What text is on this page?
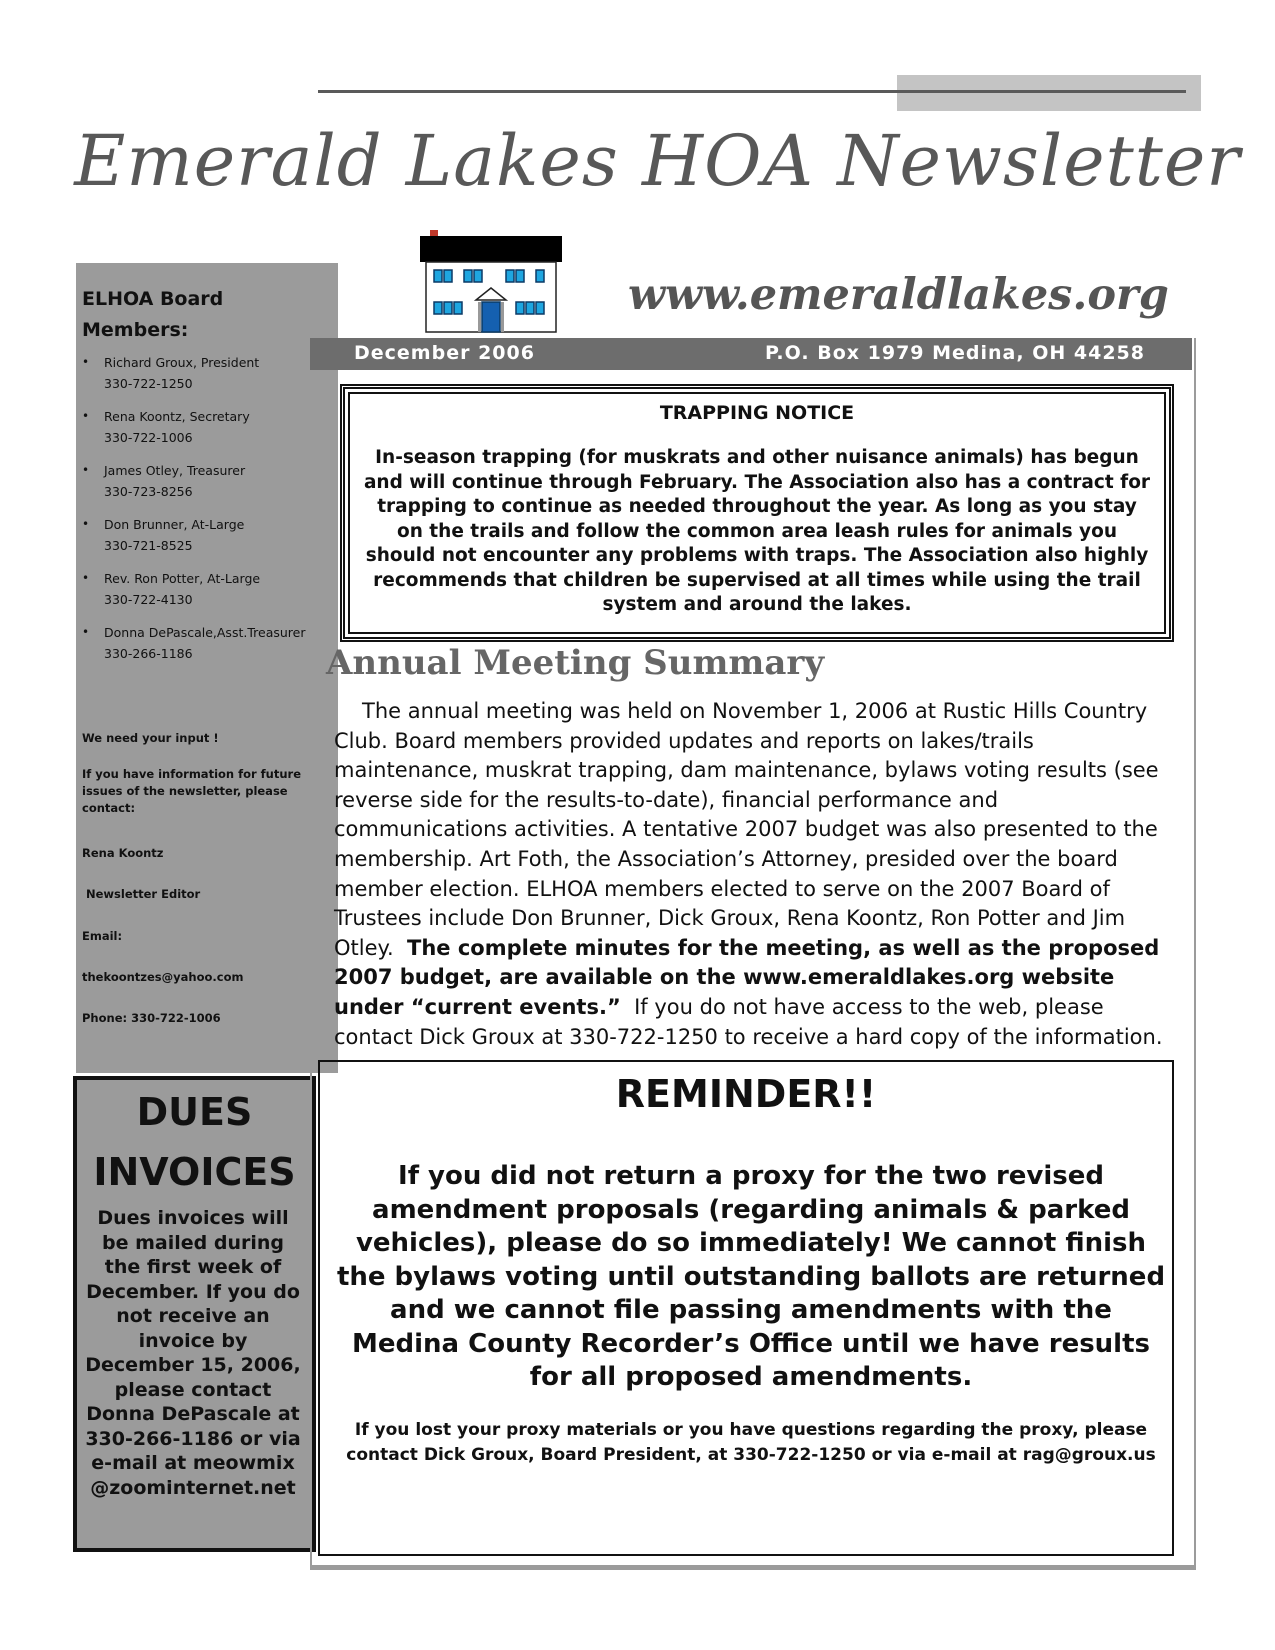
Emerald Lakes HOA Newsletter
www.emeraldlakes.org
ELHOA Board Members:
• Richard Groux, President
330-722-1250
• Rena Koontz, Secretary
330-722-1006
• James Otley, Treasurer
330-723-8256
• Don Brunner, At-Large
330-721-8525
• Rev. Ron Potter, At-Large
330-722-4130
• Donna DePascale,Asst.Treasurer
330-266-1186
We need your input !
If you have information for future issues of the newsletter, please contact:
Rena Koontz
Newsletter Editor
Email:
thekoontzes@yahoo.com
Phone: 330-722-1006
DUES INVOICES
Dues invoices will be mailed during the first week of December. If you do not receive an invoice by December 15, 2006, please contact Donna DePascale at 330-266-1186 or via e-mail at meowmix @zoominternet.net
December 2006	P.O. Box 1979 Medina, OH 44258
TRAPPING NOTICE
In-season trapping (for muskrats and other nuisance animals) has begun and will continue through February. The Association also has a contract for trapping to continue as needed throughout the year. As long as you stay on the trails and follow the common area leash rules for animals you should not encounter any problems with traps. The Association also highly recommends that children be supervised at all times while using the trail system and around the lakes.
Annual Meeting Summary
The annual meeting was held on November 1, 2006 at Rustic Hills Country Club. Board members provided updates and reports on lakes/trails maintenance, muskrat trapping, dam maintenance, bylaws voting results (see reverse side for the results-to-date), financial performance and communications activities. A tentative 2007 budget was also presented to the membership. Art Foth, the Association’s Attorney, presided over the board member election. ELHOA members elected to serve on the 2007 Board of Trustees include Don Brunner, Dick Groux, Rena Koontz, Ron Potter and Jim Otley. The complete minutes for the meeting, as well as the proposed 2007 budget, are available on the www.emeraldlakes.org website under “current events.” If you do not have access to the web, please contact Dick Groux at 330-722-1250 to receive a hard copy of the information.
REMINDER!!
If you did not return a proxy for the two revised amendment proposals (regarding animals & parked vehicles), please do so immediately! We cannot finish the bylaws voting until outstanding ballots are returned and we cannot file passing amendments with the Medina County Recorder’s Office until we have results for all proposed amendments.
If you lost your proxy materials or you have questions regarding the proxy, please contact Dick Groux, Board President, at 330-722-1250 or via e-mail at rag@groux.us
